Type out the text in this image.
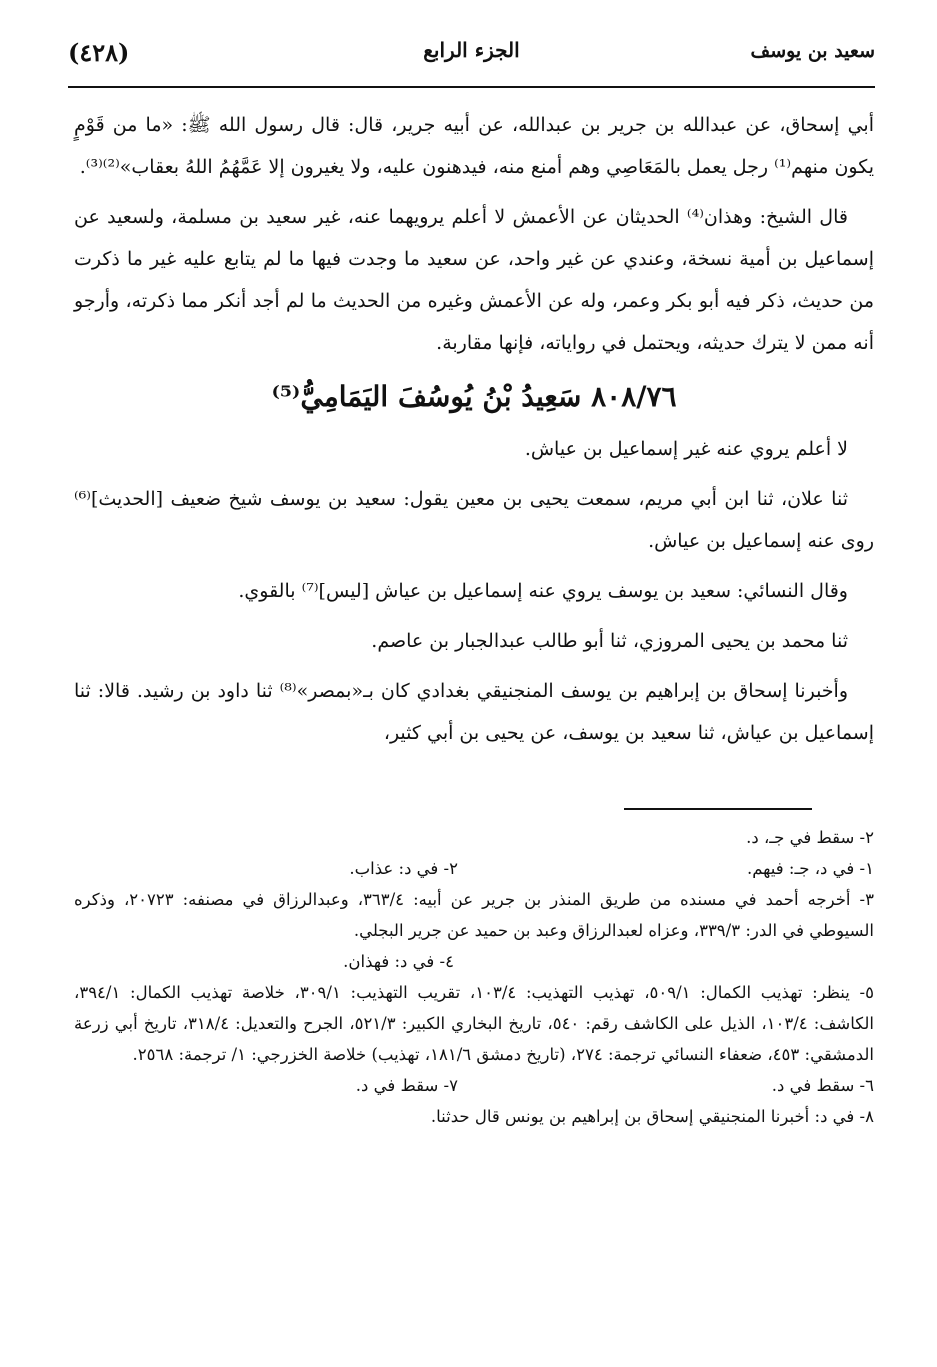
(٤٢٨)	الجزء الرابع	سعيد بن يوسف

أبي إسحاق، عن عبدالله بن جرير بن عبدالله، عن أبيه جرير، قال: قال رسول الله ﷺ: «ما من قَوْمٍ يكون منهم⁽¹⁾ رجل يعمل بالمَعَاصِي وهم أمنع منه، فيدهنون عليه، ولا يغيرون إلا عَمَّهُمُ اللهُ بعقاب»⁽²⁾⁽³⁾.

قال الشيخ: وهذان⁽⁴⁾ الحديثان عن الأعمش لا أعلم يرويهما عنه، غير سعيد بن مسلمة، ولسعيد عن إسماعيل بن أمية نسخة، وعندي عن غير واحد، عن سعيد ما وجدت فيها ما لم يتابع عليه غير ما ذكرت من حديث، ذكر فيه أبو بكر وعمر، وله عن الأعمش وغيره من الحديث ما لم أجد أنكر مما ذكرته، وأرجو أنه ممن لا يترك حديثه، ويحتمل في رواياته، فإنها مقاربة.

٨٠٨/٧٦ سَعِيدُ بْنُ يُوسُفَ اليَمَامِيُّ⁽⁵⁾

لا أعلم يروي عنه غير إسماعيل بن عياش.

ثنا علان، ثنا ابن أبي مريم، سمعت يحيى بن معين يقول: سعيد بن يوسف شيخ ضعيف [الحديث]⁽⁶⁾ روى عنه إسماعيل بن عياش.

وقال النسائي: سعيد بن يوسف يروي عنه إسماعيل بن عياش [ليس]⁽⁷⁾ بالقوي.

ثنا محمد بن يحيى المروزي، ثنا أبو طالب عبدالجبار بن عاصم.

وأخبرنا إسحاق بن إبراهيم بن يوسف المنجنيقي بغدادي كان بـ«بمصر»⁽⁸⁾ ثنا داود بن رشيد. قالا: ثنا إسماعيل بن عياش، ثنا سعيد بن يوسف، عن يحيى بن أبي كثير،

٢- سقط في جـ، د.

١- في د، جـ: فيهم.
٢- في د: عذاب.

٣- أخرجه أحمد في مسنده من طريق المنذر بن جرير عن أبيه: ٣٦٣/٤، وعبدالرزاق في مصنفه: ٢٠٧٢٣، وذكره السيوطي في الدر: ٣٣٩/٣، وعزاه لعبدالرزاق وعبد بن حميد عن جرير البجلي.

٤- في د: فهذان.

٥- ينظر: تهذيب الكمال: ٥٠٩/١، تهذيب التهذيب: ١٠٣/٤، تقريب التهذيب: ٣٠٩/١، خلاصة تهذيب الكمال: ٣٩٤/١، الكاشف: ١٠٣/٤، الذيل على الكاشف رقم: ٥٤٠، تاريخ البخاري الكبير: ٥٢١/٣، الجرح والتعديل: ٣١٨/٤، تاريخ أبي زرعة الدمشقي: ٤٥٣، ضعفاء النسائي ترجمة: ٢٧٤، (تاريخ دمشق ١٨١/٦، تهذيب) خلاصة الخزرجي: ١/ ترجمة: ٢٥٦٨.

٦- سقط في د.
٧- سقط في د.

٨- في د: أخبرنا المنجنيقي إسحاق بن إبراهيم بن يونس قال حدثنا.
